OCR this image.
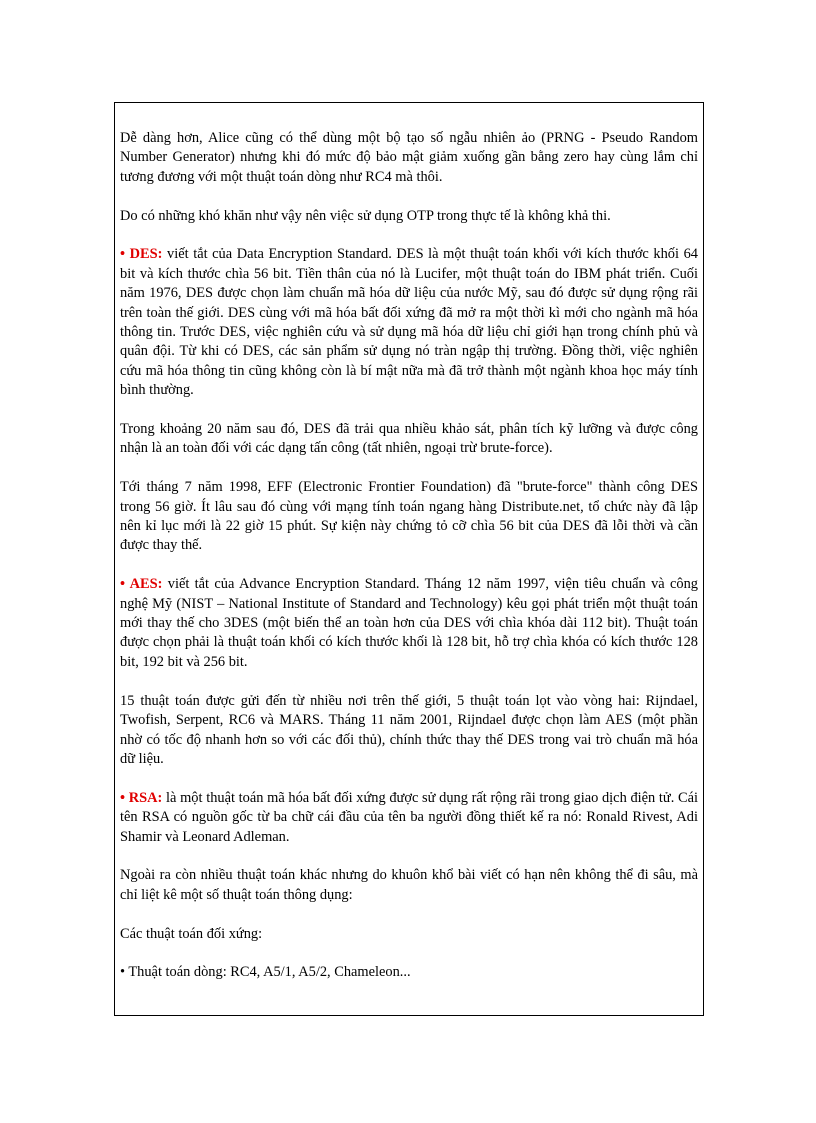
Dễ dàng hơn, Alice cũng có thể dùng một bộ tạo số ngẫu nhiên ảo (PRNG - Pseudo Random Number Generator) nhưng khi đó mức độ bảo mật giảm xuống gần bằng zero hay cùng lắm chỉ tương đương với một thuật toán dòng như RC4 mà thôi.

Do có những khó khăn như vậy nên việc sử dụng OTP trong thực tế là không khả thi.

• DES: viết tắt của Data Encryption Standard. DES là một thuật toán khối với kích thước khối 64 bit và kích thước chìa 56 bit. Tiền thân của nó là Lucifer, một thuật toán do IBM phát triển. Cuối năm 1976, DES được chọn làm chuẩn mã hóa dữ liệu của nước Mỹ, sau đó được sử dụng rộng rãi trên toàn thế giới. DES cùng với mã hóa bất đối xứng đã mở ra một thời kì mới cho ngành mã hóa thông tin. Trước DES, việc nghiên cứu và sử dụng mã hóa dữ liệu chỉ giới hạn trong chính phủ và quân đội. Từ khi có DES, các sản phẩm sử dụng nó tràn ngập thị trường. Đồng thời, việc nghiên cứu mã hóa thông tin cũng không còn là bí mật nữa mà đã trở thành một ngành khoa học máy tính bình thường.

Trong khoảng 20 năm sau đó, DES đã trải qua nhiều khảo sát, phân tích kỹ lưỡng và được công nhận là an toàn đối với các dạng tấn công (tất nhiên, ngoại trừ brute-force).

Tới tháng 7 năm 1998, EFF (Electronic Frontier Foundation) đã "brute-force" thành công DES trong 56 giờ. Ít lâu sau đó cùng với mạng tính toán ngang hàng Distribute.net, tổ chức này đã lập nên kỉ lục mới là 22 giờ 15 phút. Sự kiện này chứng tỏ cỡ chìa 56 bit của DES đã lỗi thời và cần được thay thế.

• AES: viết tắt của Advance Encryption Standard. Tháng 12 năm 1997, viện tiêu chuẩn và công nghệ Mỹ (NIST – National Institute of Standard and Technology) kêu gọi phát triển một thuật toán mới thay thế cho 3DES (một biến thể an toàn hơn của DES với chìa khóa dài 112 bit). Thuật toán được chọn phải là thuật toán khối có kích thước khối là 128 bit, hỗ trợ chìa khóa có kích thước 128 bit, 192 bit và 256 bit.

15 thuật toán được gửi đến từ nhiều nơi trên thế giới, 5 thuật toán lọt vào vòng hai: Rijndael, Twofish, Serpent, RC6 và MARS. Tháng 11 năm 2001, Rijndael được chọn làm AES (một phần nhờ có tốc độ nhanh hơn so với các đối thủ), chính thức thay thế DES trong vai trò chuẩn mã hóa dữ liệu.

• RSA: là một thuật toán mã hóa bất đối xứng được sử dụng rất rộng rãi trong giao dịch điện tử. Cái tên RSA có nguồn gốc từ ba chữ cái đầu của tên ba người đồng thiết kế ra nó: Ronald Rivest, Adi Shamir và Leonard Adleman.

Ngoài ra còn nhiều thuật toán khác nhưng do khuôn khổ bài viết có hạn nên không thể đi sâu, mà chỉ liệt kê một số thuật toán thông dụng:

Các thuật toán đối xứng:

• Thuật toán dòng: RC4, A5/1, A5/2, Chameleon...
